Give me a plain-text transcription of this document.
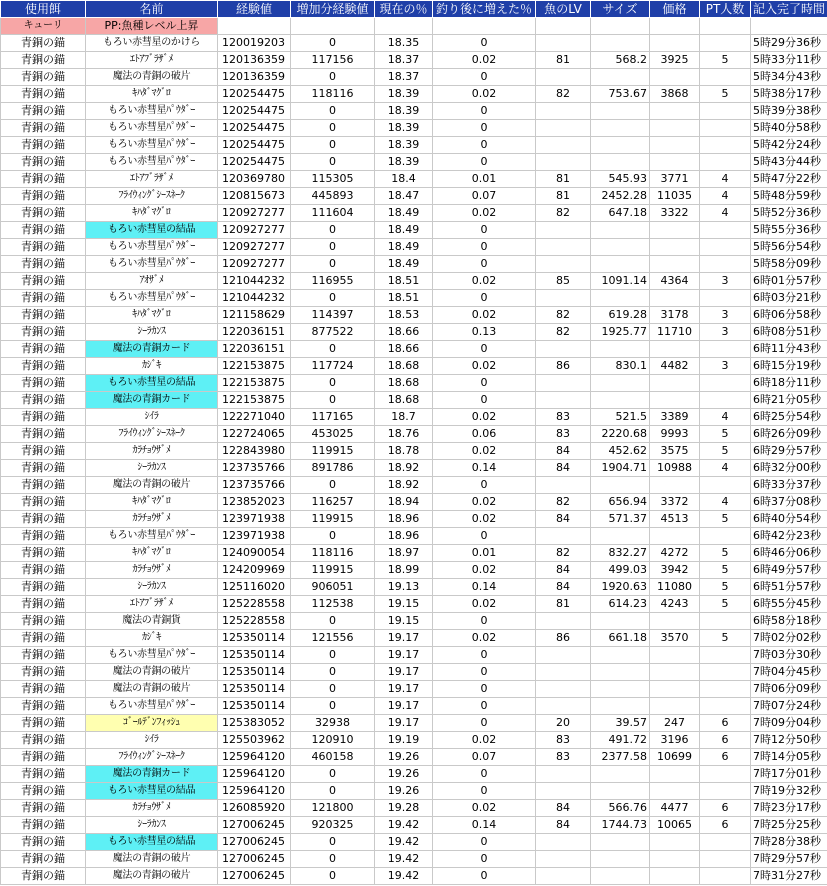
使用餌	名前	経験値	増加分経験値	現在の％	釣り後に増えた％	魚のLV	サイズ	価格	PT人数	記入完了時間
キューリ	PP:魚種レベル上昇									
青銅の錨	もろい赤彗星のかけら	120019203	0	18.35	0					5時29分36秒
青銅の錨	ｴﾄｱﾌﾞﾗｻﾞﾒ	120136359	117156	18.37	0.02	81	568.2	3925	5	5時33分11秒
青銅の錨	魔法の青銅の破片	120136359	0	18.37	0					5時34分43秒
青銅の錨	ｷﾊﾀﾞﾏｸﾞﾛ	120254475	118116	18.39	0.02	82	753.67	3868	5	5時38分17秒
青銅の錨	もろい赤彗星ﾊﾟｳﾀﾞｰ	120254475	0	18.39	0					5時39分38秒
青銅の錨	もろい赤彗星ﾊﾟｳﾀﾞｰ	120254475	0	18.39	0					5時40分58秒
青銅の錨	もろい赤彗星ﾊﾟｳﾀﾞｰ	120254475	0	18.39	0					5時42分24秒
青銅の錨	もろい赤彗星ﾊﾟｳﾀﾞｰ	120254475	0	18.39	0					5時43分44秒
青銅の錨	ｴﾄｱﾌﾞﾗｻﾞﾒ	120369780	115305	18.4	0.01	81	545.93	3771	4	5時47分22秒
青銅の錨	ﾌﾗｲｳｨﾝｸﾞｼｰｽﾈｰｸ	120815673	445893	18.47	0.07	81	2452.28	11035	4	5時48分59秒
青銅の錨	ｷﾊﾀﾞﾏｸﾞﾛ	120927277	111604	18.49	0.02	82	647.18	3322	4	5時52分36秒
青銅の錨	もろい赤彗星の結晶	120927277	0	18.49	0					5時55分36秒
青銅の錨	もろい赤彗星ﾊﾟｳﾀﾞｰ	120927277	0	18.49	0					5時56分54秒
青銅の錨	もろい赤彗星ﾊﾟｳﾀﾞｰ	120927277	0	18.49	0					5時58分09秒
青銅の錨	ｱｵｻﾞﾒ	121044232	116955	18.51	0.02	85	1091.14	4364	3	6時01分57秒
青銅の錨	もろい赤彗星ﾊﾟｳﾀﾞｰ	121044232	0	18.51	0					6時03分21秒
青銅の錨	ｷﾊﾀﾞﾏｸﾞﾛ	121158629	114397	18.53	0.02	82	619.28	3178	3	6時06分58秒
青銅の錨	ｼｰﾗｶﾝｽ	122036151	877522	18.66	0.13	82	1925.77	11710	3	6時08分51秒
青銅の錨	魔法の青銅カード	122036151	0	18.66	0					6時11分43秒
青銅の錨	ｶｼﾞｷ	122153875	117724	18.68	0.02	86	830.1	4482	3	6時15分19秒
青銅の錨	もろい赤彗星の結晶	122153875	0	18.68	0					6時18分11秒
青銅の錨	魔法の青銅カード	122153875	0	18.68	0					6時21分05秒
青銅の錨	ｼｲﾗ	122271040	117165	18.7	0.02	83	521.5	3389	4	6時25分54秒
青銅の錨	ﾌﾗｲｳｨﾝｸﾞｼｰｽﾈｰｸ	122724065	453025	18.76	0.06	83	2220.68	9993	5	6時26分09秒
青銅の錨	ｶﾗﾁｮｳｻﾞﾒ	122843980	119915	18.78	0.02	84	452.62	3575	5	6時29分57秒
青銅の錨	ｼｰﾗｶﾝｽ	123735766	891786	18.92	0.14	84	1904.71	10988	4	6時32分00秒
青銅の錨	魔法の青銅の破片	123735766	0	18.92	0					6時33分37秒
青銅の錨	ｷﾊﾀﾞﾏｸﾞﾛ	123852023	116257	18.94	0.02	82	656.94	3372	4	6時37分08秒
青銅の錨	ｶﾗﾁｮｳｻﾞﾒ	123971938	119915	18.96	0.02	84	571.37	4513	5	6時40分54秒
青銅の錨	もろい赤彗星ﾊﾟｳﾀﾞｰ	123971938	0	18.96	0					6時42分23秒
青銅の錨	ｷﾊﾀﾞﾏｸﾞﾛ	124090054	118116	18.97	0.01	82	832.27	4272	5	6時46分06秒
青銅の錨	ｶﾗﾁｮｳｻﾞﾒ	124209969	119915	18.99	0.02	84	499.03	3942	5	6時49分57秒
青銅の錨	ｼｰﾗｶﾝｽ	125116020	906051	19.13	0.14	84	1920.63	11080	5	6時51分57秒
青銅の錨	ｴﾄｱﾌﾞﾗｻﾞﾒ	125228558	112538	19.15	0.02	81	614.23	4243	5	6時55分45秒
青銅の錨	魔法の青銅貨	125228558	0	19.15	0					6時58分18秒
青銅の錨	ｶｼﾞｷ	125350114	121556	19.17	0.02	86	661.18	3570	5	7時02分02秒
青銅の錨	もろい赤彗星ﾊﾟｳﾀﾞｰ	125350114	0	19.17	0					7時03分30秒
青銅の錨	魔法の青銅の破片	125350114	0	19.17	0					7時04分45秒
青銅の錨	魔法の青銅の破片	125350114	0	19.17	0					7時06分09秒
青銅の錨	もろい赤彗星ﾊﾟｳﾀﾞｰ	125350114	0	19.17	0					7時07分24秒
青銅の錨	ｺﾞｰﾙﾃﾞﾝﾌｨｯｼｭ	125383052	32938	19.17	0	20	39.57	247	6	7時09分04秒
青銅の錨	ｼｲﾗ	125503962	120910	19.19	0.02	83	491.72	3196	6	7時12分50秒
青銅の錨	ﾌﾗｲｳｨﾝｸﾞｼｰｽﾈｰｸ	125964120	460158	19.26	0.07	83	2377.58	10699	6	7時14分05秒
青銅の錨	魔法の青銅カード	125964120	0	19.26	0					7時17分01秒
青銅の錨	もろい赤彗星の結晶	125964120	0	19.26	0					7時19分32秒
青銅の錨	ｶﾗﾁｮｳｻﾞﾒ	126085920	121800	19.28	0.02	84	566.76	4477	6	7時23分17秒
青銅の錨	ｼｰﾗｶﾝｽ	127006245	920325	19.42	0.14	84	1744.73	10065	6	7時25分25秒
青銅の錨	もろい赤彗星の結晶	127006245	0	19.42	0					7時28分38秒
青銅の錨	魔法の青銅の破片	127006245	0	19.42	0					7時29分57秒
青銅の錨	魔法の青銅の破片	127006245	0	19.42	0					7時31分27秒
